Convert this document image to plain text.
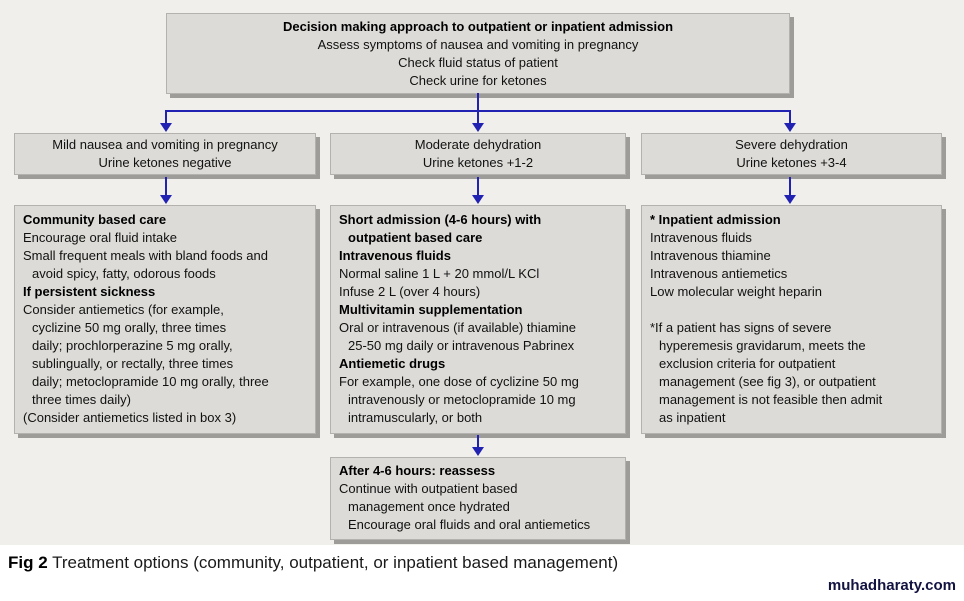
Decision making approach to outpatient or inpatient admission
Assess symptoms of nausea and vomiting in pregnancy
Check fluid status of patient
Check urine for ketones
Mild nausea and vomiting in pregnancy
Urine ketones negative
Moderate dehydration
Urine ketones +1-2
Severe dehydration
Urine ketones +3-4
Community based care
Encourage oral fluid intake
Small frequent meals with bland foods and
avoid spicy, fatty, odorous foods
If persistent sickness
Consider antiemetics (for example,
cyclizine 50 mg orally, three times
daily; prochlorperazine 5 mg orally,
sublingually, or rectally, three times
daily; metoclopramide 10 mg orally, three
three times daily)
(Consider antiemetics listed in box 3)
Short admission (4-6 hours) with
outpatient based care
Intravenous fluids
Normal saline 1 L + 20 mmol/L KCl
Infuse 2 L (over 4 hours)
Multivitamin supplementation
Oral or intravenous (if available) thiamine
25-50 mg daily or intravenous Pabrinex
Antiemetic drugs
For example, one dose of cyclizine 50 mg
intravenously or metoclopramide 10 mg
intramuscularly, or both
* Inpatient admission
Intravenous fluids
Intravenous thiamine
Intravenous antiemetics
Low molecular weight heparin
*If a patient has signs of severe
hyperemesis gravidarum, meets the
exclusion criteria for outpatient
management (see fig 3), or outpatient
management is not feasible then admit
as inpatient
After 4-6 hours: reassess
Continue with outpatient based
management once hydrated
Encourage oral fluids and oral antiemetics
Fig 2 Treatment options (community, outpatient, or inpatient based management)
muhadharaty.com
